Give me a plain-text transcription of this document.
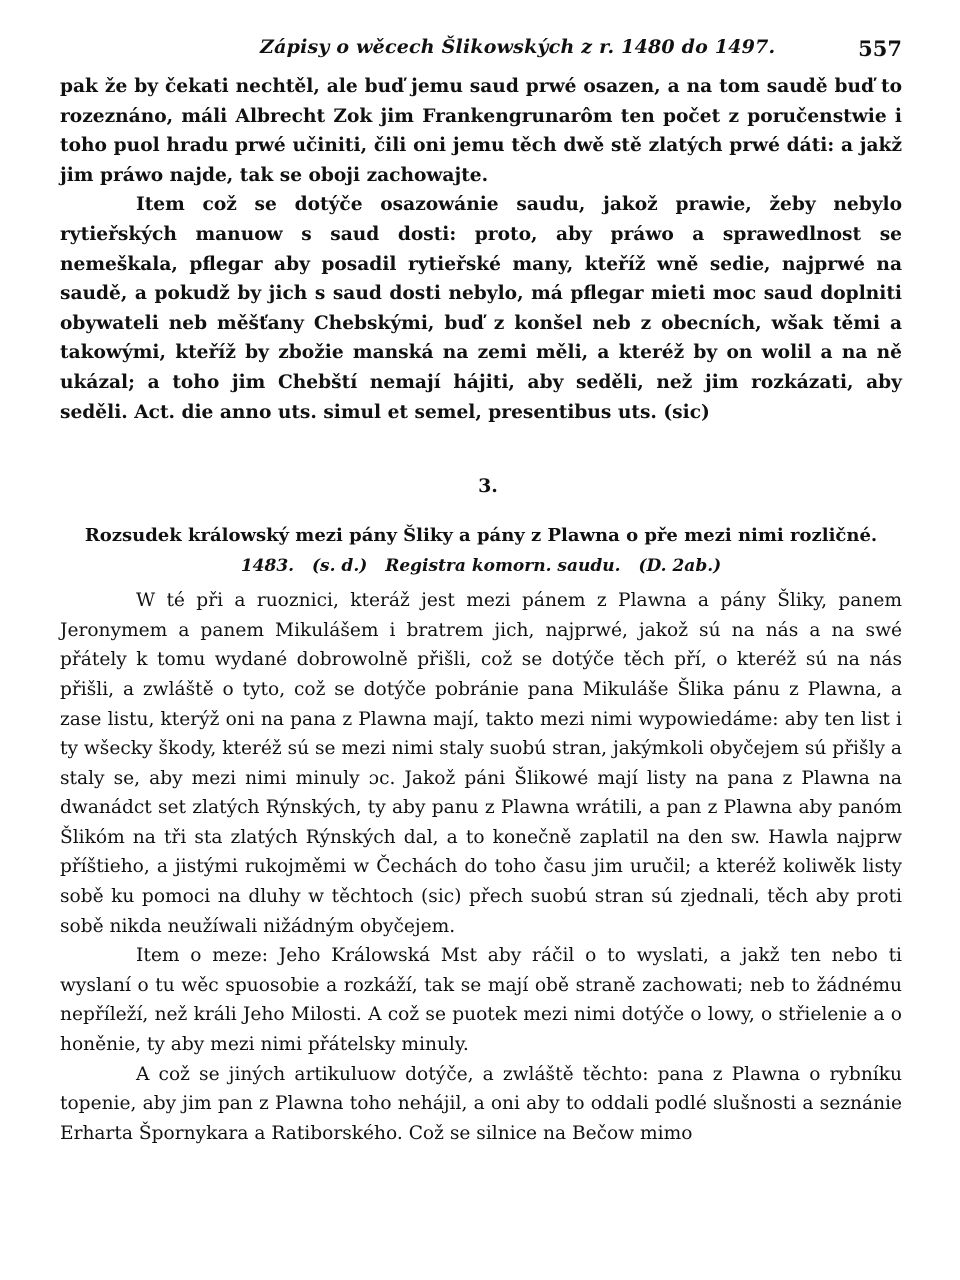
Zápisy o wěcech Šlikowských z r. 1480 do 1497.	557

pak že by čekati nechtěl, ale buď jemu saud prwé osazen, a na tom saudě buď to rozeznáno, máli Albrecht Zok jim Frankengrunarôm ten počet z poručenstwie i toho puol hradu prwé učiniti, čili oni jemu těch dwě stě zlatých prwé dáti: a jakž jim práwo najde, tak se oboji zachowajte.

Item což se dotýče osazowánie saudu, jakož prawie, žeby nebylo rytieřských manuow s saud dosti: proto, aby práwo a sprawedlnost se nemeškala, pflegar aby posadil rytieřské many, kteříž wně sedie, najprwé na saudě, a pokudž by jich s saud dosti nebylo, má pflegar mieti moc saud doplniti obywateli neb měšťany Chebskými, buď z konšel neb z obecních, wšak těmi a takowými, kteříž by zbožie manská na zemi měli, a kteréž by on wolil a na ně ukázal; a toho jim Chebští nemají hájiti, aby seděli, než jim rozkázati, aby seděli. Act. die anno uts. simul et semel, presentibus uts. (sic)

3.
Rozsudek králowský mezi pány Šliky a pány z Plawna o pře mezi nimi rozličné.
1483. (s. d.) Registra komorn. saudu. (D. 2ab.)

W té při a ruoznici, kteráž jest mezi pánem z Plawna a pány Šliky, panem Jeronymem a panem Mikulášem i bratrem jich, najprwé, jakož sú na nás a na swé přátely k tomu wydané dobrowolně přišli, což se dotýče těch pří, o kteréž sú na nás přišli, a zwláště o tyto, což se dotýče pobránie pana Mikuláše Šlika pánu z Plawna, a zase listu, kterýž oni na pana z Plawna mají, takto mezi nimi wypowiedáme: aby ten list i ty wšecky škody, kteréž sú se mezi nimi staly suobú stran, jakýmkoli obyčejem sú přišly a staly se, aby mezi nimi minuly ɔc. Jakož páni Šlikowé mají listy na pana z Plawna na dwanádct set zlatých Rýnských, ty aby panu z Plawna wrátili, a pan z Plawna aby panóm Šlikóm na tři sta zlatých Rýnských dal, a to konečně zaplatil na den sw. Hawla najprw příštieho, a jistými rukojměmi w Čechách do toho času jim uručil; a kteréž koliwěk listy sobě ku pomoci na dluhy w těchtoch (sic) přech suobú stran sú zjednali, těch aby proti sobě nikda neužíwali nižádným obyčejem.

Item o meze: Jeho Králowská Mst aby ráčil o to wyslati, a jakž ten nebo ti wyslaní o tu wěc spuosobie a rozkáží, tak se mají obě straně zachowati; neb to žádnému nepříleží, než králi Jeho Milosti. A což se puotek mezi nimi dotýče o lowy, o střielenie a o honěnie, ty aby mezi nimi přátelsky minuly.

A což se jiných artikuluow dotýče, a zwláště těchto: pana z Plawna o rybníku topenie, aby jim pan z Plawna toho nehájil, a oni aby to oddali podlé slušnosti a seznánie Erharta Špornykara a Ratiborského. Což se silnice na Bečow mimo
